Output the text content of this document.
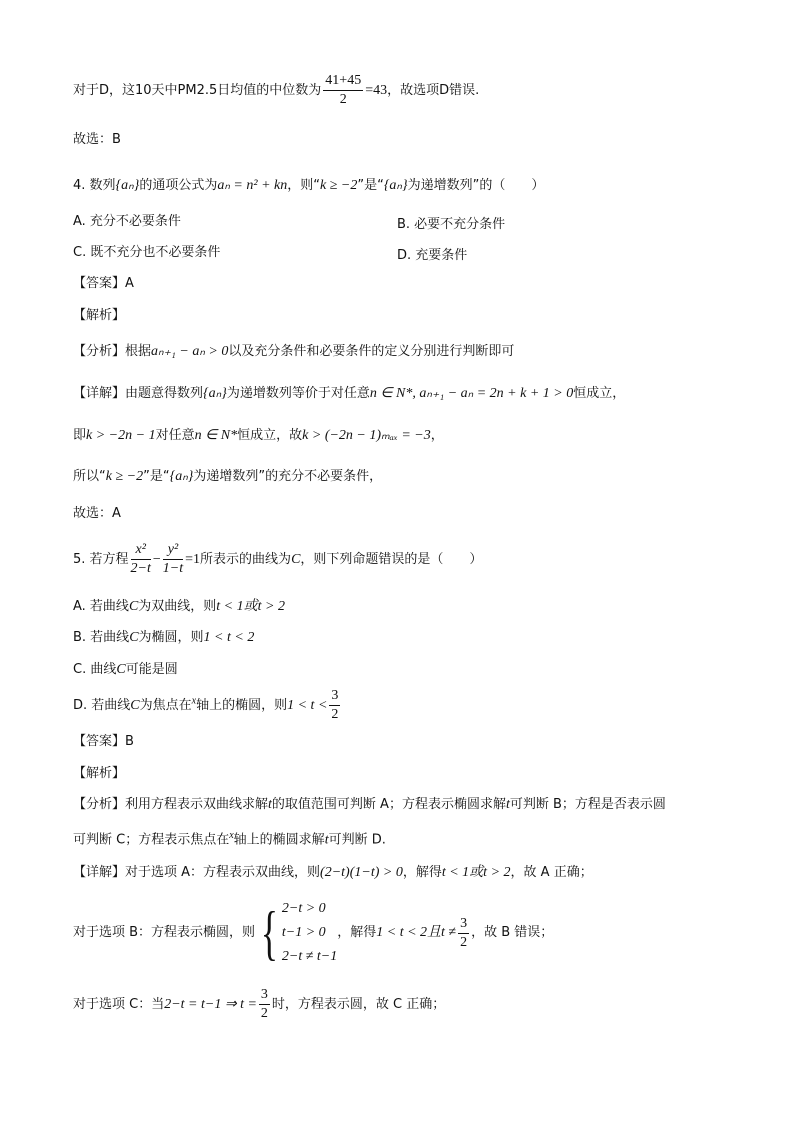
对于D，这10天中PM2.5日均值的中位数为 $\frac{41+45}{2} =43$，故选项D错误.
故选：B
4. 数列{aₙ}的通项公式为aₙ = n² + kn，则“k ≥ −2”是“{aₙ}为递增数列”的（　　）
A. 充分不必要条件	B. 必要不充分条件
C. 既不充分也不必要条件	D. 充要条件
【答案】A
【解析】
【分析】根据aₙ₊₁ − aₙ > 0以及充分条件和必要条件的定义分别进行判断即可
【详解】由题意得数列{aₙ}为递增数列等价于对任意n ∈ N*, aₙ₊₁ − aₙ = 2n + k + 1 > 0恒成立，
即k > −2n − 1对任意n ∈ N*恒成立，故k > (−2n − 1)ₘₐₓ = −3，
所以“k ≥ −2”是“{aₙ}为递增数列”的充分不必要条件，
故选：A
5. 若方程 $\frac{\text{x²}}{2-t} - \frac{\text{y²}}{1-t} =1$所表示的曲线为C，则下列命题错误的是（　　）
A. 若曲线C为双曲线，则t < 1或t > 2
B. 若曲线C为椭圆，则1 < t < 2
C. 曲线C可能是圆
D. 若曲线C为焦点在$^x$轴上的椭圆，则$1 < t < \frac{3}{2}$
【答案】B
【解析】
【分析】利用方程表示双曲线求解t的取值范围可判断 A；方程表示椭圆求解t可判断 B；方程是否表示圆
可判断 C；方程表示焦点在$^x$轴上的椭圆求解t可判断 D.
【详解】对于选项 A：方程表示双曲线，则(2−t)(1−t) > 0，解得t < 1或t > 2，故 A 正确；
对于选项 B：方程表示椭圆，则{ 2−t > 0
t−1 > 0
2−t ≠ t−1
，解得1 < t < 2且$t \ne \frac{3}{2}$ ，故 B 错误；
对于选项 C：当2−t = t−1 ⇒ $t = \frac{3}{2}$ 时，方程表示圆，故 C 正确；
